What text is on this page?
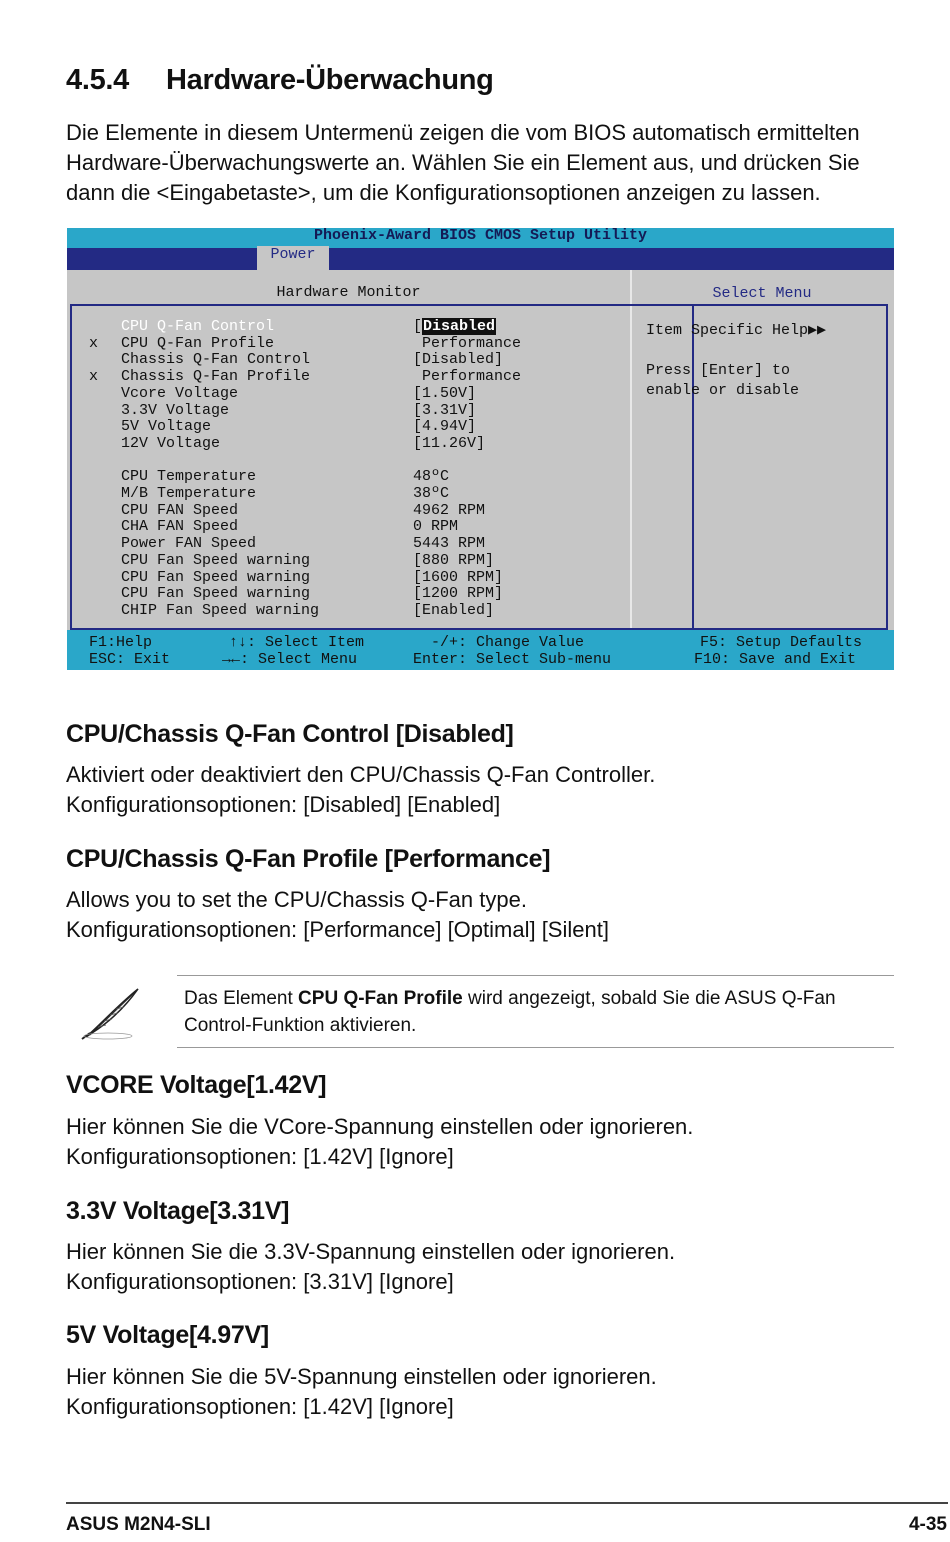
4.5.4 Hardware-Überwachung

Die Elemente in diesem Untermenü zeigen die vom BIOS automatisch ermittelten
Hardware-Überwachungswerte an. Wählen Sie ein Element aus, und drücken Sie
dann die <Eingabetaste>, um die Konfigurationsoptionen anzeigen zu lassen.

Phoenix-Award BIOS CMOS Setup Utility
Power
Hardware Monitor	Select Menu
CPU Q-Fan Control	[Disabled
x CPU Q-Fan Profile	Performance
Chassis Q-Fan Control	[Disabled]
x Chassis Q-Fan Profile	Performance
Vcore Voltage	[1.50V]
3.3V Voltage	[3.31V]
5V Voltage	[4.94V]
12V Voltage	[11.26V]
CPU Temperature	48ºC
M/B Temperature	38ºC
CPU FAN Speed	4962 RPM
CHA FAN Speed	0 RPM
Power FAN Speed	5443 RPM
CPU Fan Speed warning	[880 RPM]
CPU Fan Speed warning	[1600 RPM]
CPU Fan Speed warning	[1200 RPM]
CHIP Fan Speed warning	[Enabled]
Item Specific Help▶▶
Press [Enter] to
enable or disable
F1:Help
ESC: Exit
↑↓: Select Item
→←: Select Menu
-/+: Change Value
Enter: Select Sub-menu
F5: Setup Defaults
F10: Save and Exit
CPU/Chassis Q-Fan Control [Disabled]

Aktiviert oder deaktiviert den CPU/Chassis Q-Fan Controller.
Konfigurationsoptionen: [Disabled] [Enabled]

CPU/Chassis Q-Fan Profile [Performance]

Allows you to set the CPU/Chassis Q-Fan type.
Konfigurationsoptionen: [Performance] [Optimal] [Silent]

Das Element CPU Q-Fan Profile wird angezeigt, sobald Sie die ASUS Q-Fan
Control-Funktion aktivieren.
VCORE Voltage[1.42V]

Hier können Sie die VCore-Spannung einstellen oder ignorieren.
Konfigurationsoptionen: [1.42V] [Ignore]

3.3V Voltage[3.31V]

Hier können Sie die 3.3V-Spannung einstellen oder ignorieren.
Konfigurationsoptionen: [3.31V] [Ignore]

5V Voltage[4.97V]

Hier können Sie die 5V-Spannung einstellen oder ignorieren.
Konfigurationsoptionen: [1.42V] [Ignore]

ASUS M2N4-SLI	4-35
